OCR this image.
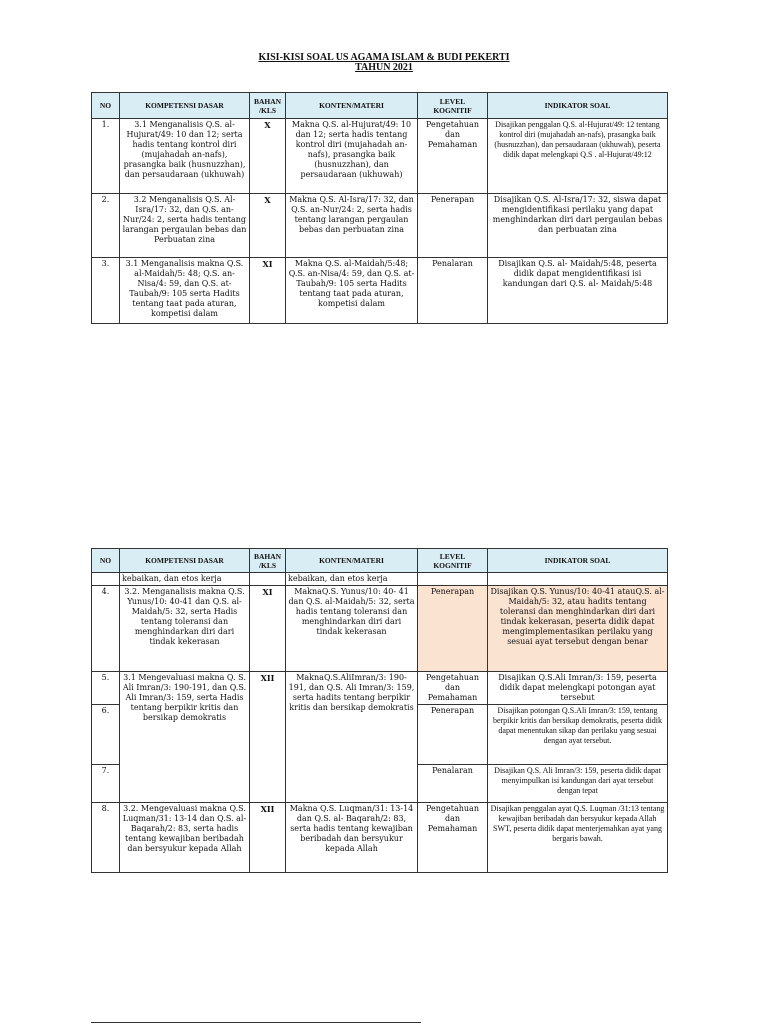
KISI-KISI SOAL US AGAMA ISLAM & BUDI PEKERTI
TAHUN 2021
NO	KOMPETENSI DASAR	BAHAN /KLS	KONTEN/MATERI	LEVEL KOGNITIF	INDIKATOR SOAL
1.	3.1 Menganalisis Q.S. al-Hujurat/49: 10 dan 12; serta hadis tentang kontrol diri (mujahadah an-nafs), prasangka baik (husnuzzhan), dan persaudaraan (ukhuwah)	X	Makna Q.S. al-Hujurat/49: 10 dan 12; serta hadis tentang kontrol diri (mujahadah an-nafs), prasangka baik (husnuzzhan), dan persaudaraan (ukhuwah)	Pengetahuan dan Pemahaman	Disajikan penggalan Q.S. al-Hujurat/49: 12 tentang kontrol diri (mujahadah an-nafs), prasangka baik (husnuzzhan), dan persaudaraan (ukhuwah), peserta didik dapat melengkapi Q.S . al-Hujurat/49:12
2.	3.2 Menganalisis Q.S. Al-Isra/17: 32, dan Q.S. an-Nur/24: 2, serta hadis tentang larangan pergaulan bebas dan Perbuatan zina	X	Makna Q.S. Al-Isra/17: 32, dan Q.S. an-Nur/24: 2, serta hadis tentang larangan pergaulan bebas dan perbuatan zina	Penerapan	Disajikan Q.S. Al-Isra/17: 32, siswa dapat mengidentifikasi perilaku yang dapat menghindarkan diri dari pergaulan bebas dan perbuatan zina
3.	3.1 Menganalisis makna Q.S. al-Maidah/5: 48; Q.S. an-Nisa/4: 59, dan Q.S. at-Taubah/9: 105 serta Hadits tentang taat pada aturan, kompetisi dalam	XI	Makna Q.S. al-Maidah/5:48; Q.S. an-Nisa/4: 59, dan Q.S. at-Taubah/9: 105 serta Hadits tentang taat pada aturan, kompetisi dalam	Penalaran	Disajikan Q.S. al- Maidah/5:48, peserta didik dapat mengidentifikasi isi kandungan dari Q.S. al- Maidah/5:48
NO	KOMPETENSI DASAR	BAHAN /KLS	KONTEN/MATERI	LEVEL KOGNITIF	INDIKATOR SOAL
	kebaikan, dan etos kerja		kebaikan, dan etos kerja		
4.	3.2. Menganalisis makna Q.S. Yunus/10: 40-41 dan Q.S. al-Maidah/5: 32, serta Hadis tentang toleransi dan menghindarkan diri dari tindak kekerasan	XI	MaknaQ.S. Yunus/10: 40- 41 dan Q.S. al-Maidah/5: 32, serta hadis tentang toleransi dan menghindarkan diri dari tindak kekerasan	Penerapan	Disajikan Q.S. Yunus/10: 40-41 atauQ.S. al-Maidah/5: 32, atau hadits tentang toleransi dan menghindarkan diri dari tindak kekerasan, peserta didik dapat mengimplementasikan perilaku yang sesuai ayat tersebut dengan benar
5.	3.1 Mengevaluasi makna Q. S. Ali Imran/3: 190-191, dan Q.S. Ali Imran/3: 159, serta Hadis tentang berpikir kritis dan bersikap demokratis	XII	MaknaQ.S.AliImran/3: 190-191, dan Q.S. Ali Imran/3: 159, serta hadits tentang berpikir kritis dan bersikap demokratis	Pengetahuan dan Pemahaman	Disajikan Q.S.Ali Imran/3: 159, peserta didik dapat melengkapi potongan ayat tersebut
6.				Penerapan	Disajikan potongan Q.S.Ali Imran/3: 159, tentang berpikir kritis dan bersikap demokratis, peserta didik dapat menentukan sikap dan perilaku yang sesuai dengan ayat tersebut.
7.				Penalaran	Disajikan Q.S. Ali Imran/3: 159, peserta didik dapat menyimpulkan isi kandungan dari ayat tersebut dengan tepat
8.	3.2. Mengevaluasi makna Q.S. Luqman/31: 13-14 dan Q.S. al- Baqarah/2: 83, serta hadis tentang kewajiban beribadah dan bersyukur kepada Allah	XII	Makna Q.S. Luqman/31: 13-14 dan Q.S. al- Baqarah/2: 83, serta hadis tentang kewajiban beribadah dan bersyukur kepada Allah	Pengetahuan dan Pemahaman	Disajikan penggalan ayat Q.S. Luqman /31:13 tentang kewajiban beribadah dan bersyukur kepada Allah SWT, peserta didik dapat menterjemahkan ayat yang bergaris bawah.
